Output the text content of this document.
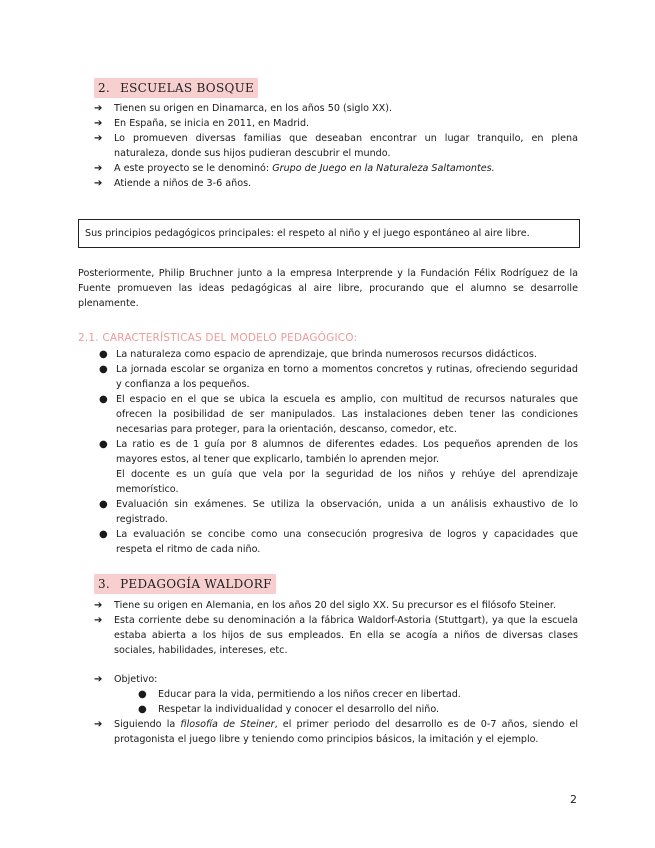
2. ESCUELAS BOSQUE
➔ Tienen su origen en Dinamarca, en los años 50 (siglo XX).
➔ En España, se inicia en 2011, en Madrid.
➔ Lo promueven diversas familias que deseaban encontrar un lugar tranquilo, en plena naturaleza, donde sus hijos pudieran descubrir el mundo.
➔ A este proyecto se le denominó: Grupo de Juego en la Naturaleza Saltamontes.
➔ Atiende a niños de 3-6 años.
Sus principios pedagógicos principales: el respeto al niño y el juego espontáneo al aire libre.

Posteriormente, Philip Bruchner junto a la empresa Interprende y la Fundación Félix Rodríguez de la Fuente promueven las ideas pedagógicas al aire libre, procurando que el alumno se desarrolle plenamente.

2.1. CARACTERÍSTICAS DEL MODELO PEDAGÓGICO:
● La naturaleza como espacio de aprendizaje, que brinda numerosos recursos didácticos.
● La jornada escolar se organiza en torno a momentos concretos y rutinas, ofreciendo seguridad y confianza a los pequeños.
● El espacio en el que se ubica la escuela es amplio, con multitud de recursos naturales que ofrecen la posibilidad de ser manipulados. Las instalaciones deben tener las condiciones necesarias para proteger, para la orientación, descanso, comedor, etc.
● La ratio es de 1 guía por 8 alumnos de diferentes edades. Los pequeños aprenden de los mayores estos, al tener que explicarlo, también lo aprenden mejor.
El docente es un guía que vela por la seguridad de los niños y rehúye del aprendizaje memorístico.
● Evaluación sin exámenes. Se utiliza la observación, unida a un análisis exhaustivo de lo registrado.
● La evaluación se concibe como una consecución progresiva de logros y capacidades que respeta el ritmo de cada niño.
3. PEDAGOGÍA WALDORF
➔ Tiene su origen en Alemania, en los años 20 del siglo XX. Su precursor es el filósofo Steiner.
➔ Esta corriente debe su denominación a la fábrica Waldorf-Astoria (Stuttgart), ya que la escuela estaba abierta a los hijos de sus empleados. En ella se acogía a niños de diversas clases sociales, habilidades, intereses, etc.
➔ Objetivo:
● Educar para la vida, permitiendo a los niños crecer en libertad.
● Respetar la individualidad y conocer el desarrollo del niño.
➔ Siguiendo la filosofía de Steiner, el primer periodo del desarrollo es de 0-7 años, siendo el protagonista el juego libre y teniendo como principios básicos, la imitación y el ejemplo.
2
